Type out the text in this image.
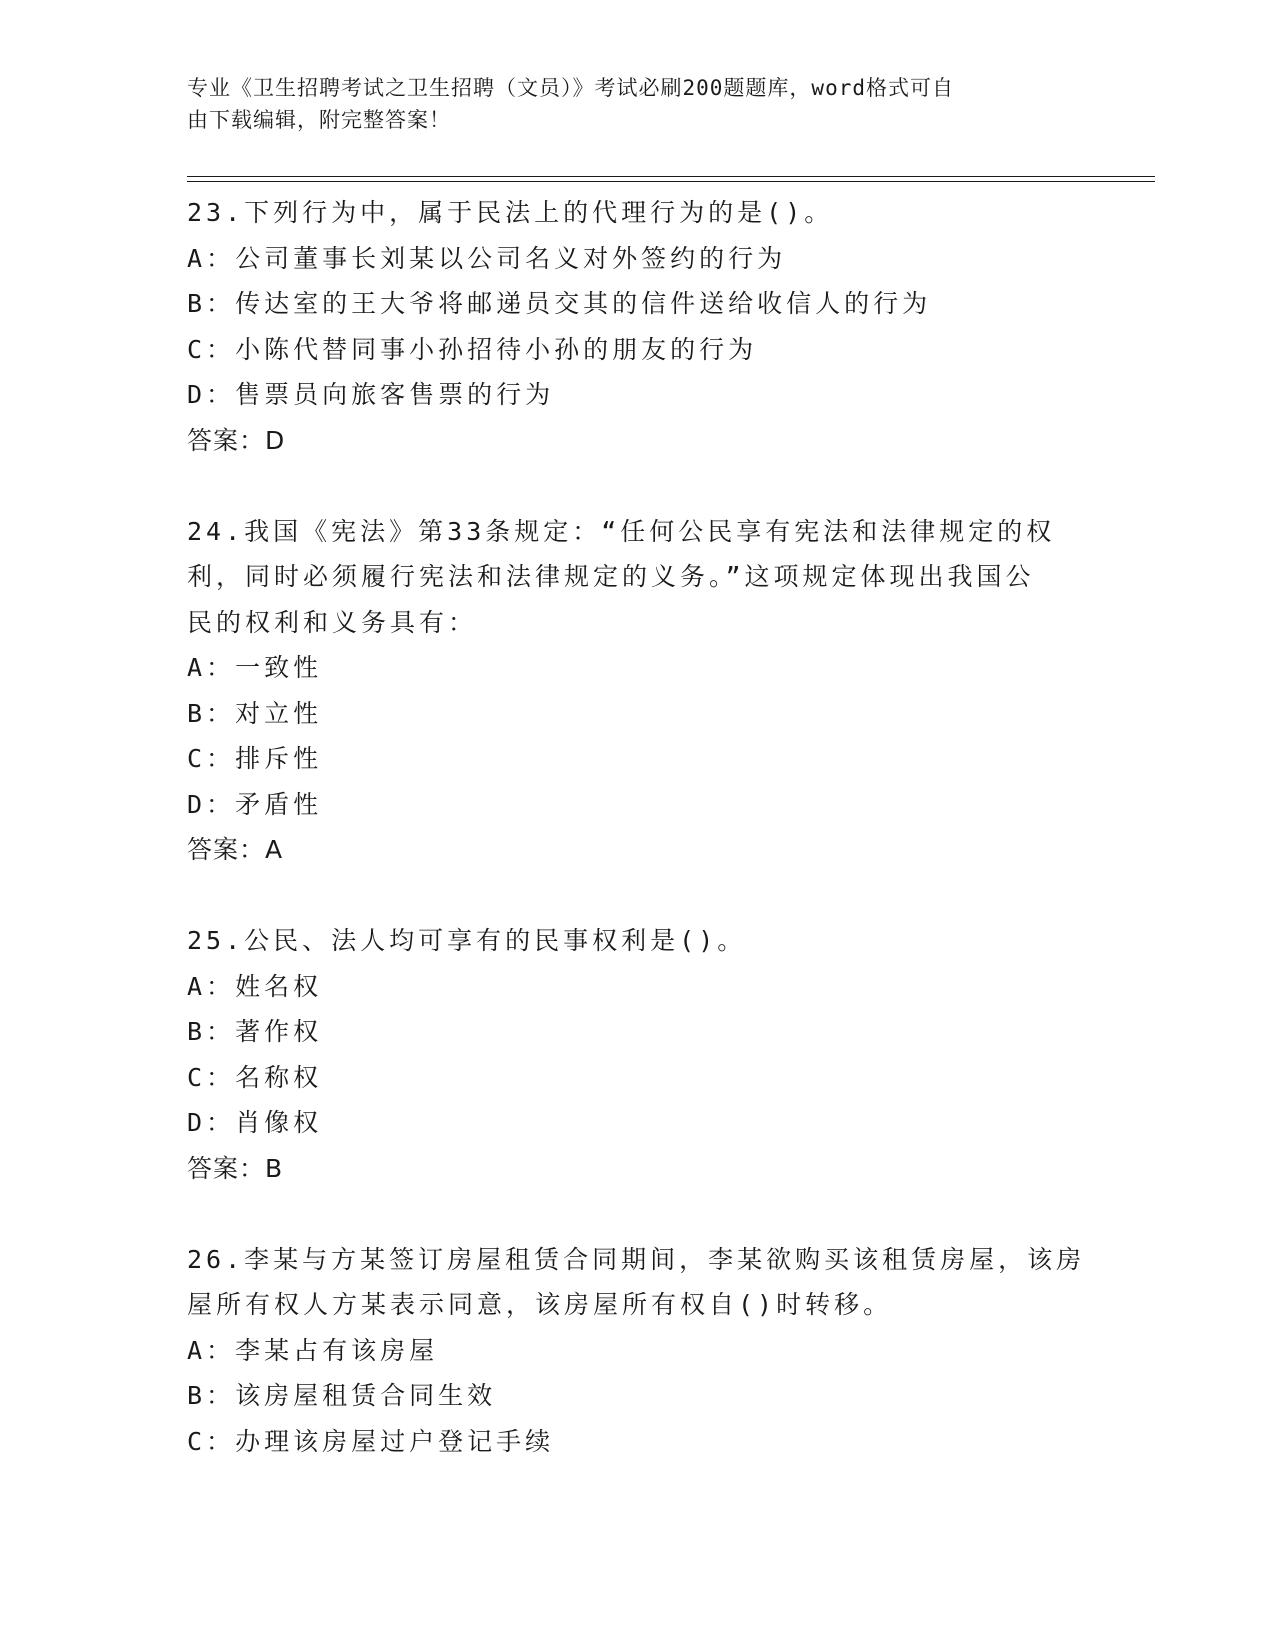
专业《卫生招聘考试之卫生招聘（文员）》考试必刷200题题库，word格式可自
由下载编辑，附完整答案！
23.下列行为中，属于民法上的代理行为的是()。
A：公司董事长刘某以公司名义对外签约的行为
B：传达室的王大爷将邮递员交其的信件送给收信人的行为
C：小陈代替同事小孙招待小孙的朋友的行为
D：售票员向旅客售票的行为
答案：D
24.我国《宪法》第33条规定：“任何公民享有宪法和法律规定的权
利，同时必须履行宪法和法律规定的义务。”这项规定体现出我国公
民的权利和义务具有：
A：一致性
B：对立性
C：排斥性
D：矛盾性
答案：A
25.公民、法人均可享有的民事权利是()。
A：姓名权
B：著作权
C：名称权
D：肖像权
答案：B
26.李某与方某签订房屋租赁合同期间，李某欲购买该租赁房屋，该房
屋所有权人方某表示同意，该房屋所有权自()时转移。
A：李某占有该房屋
B：该房屋租赁合同生效
C：办理该房屋过户登记手续
